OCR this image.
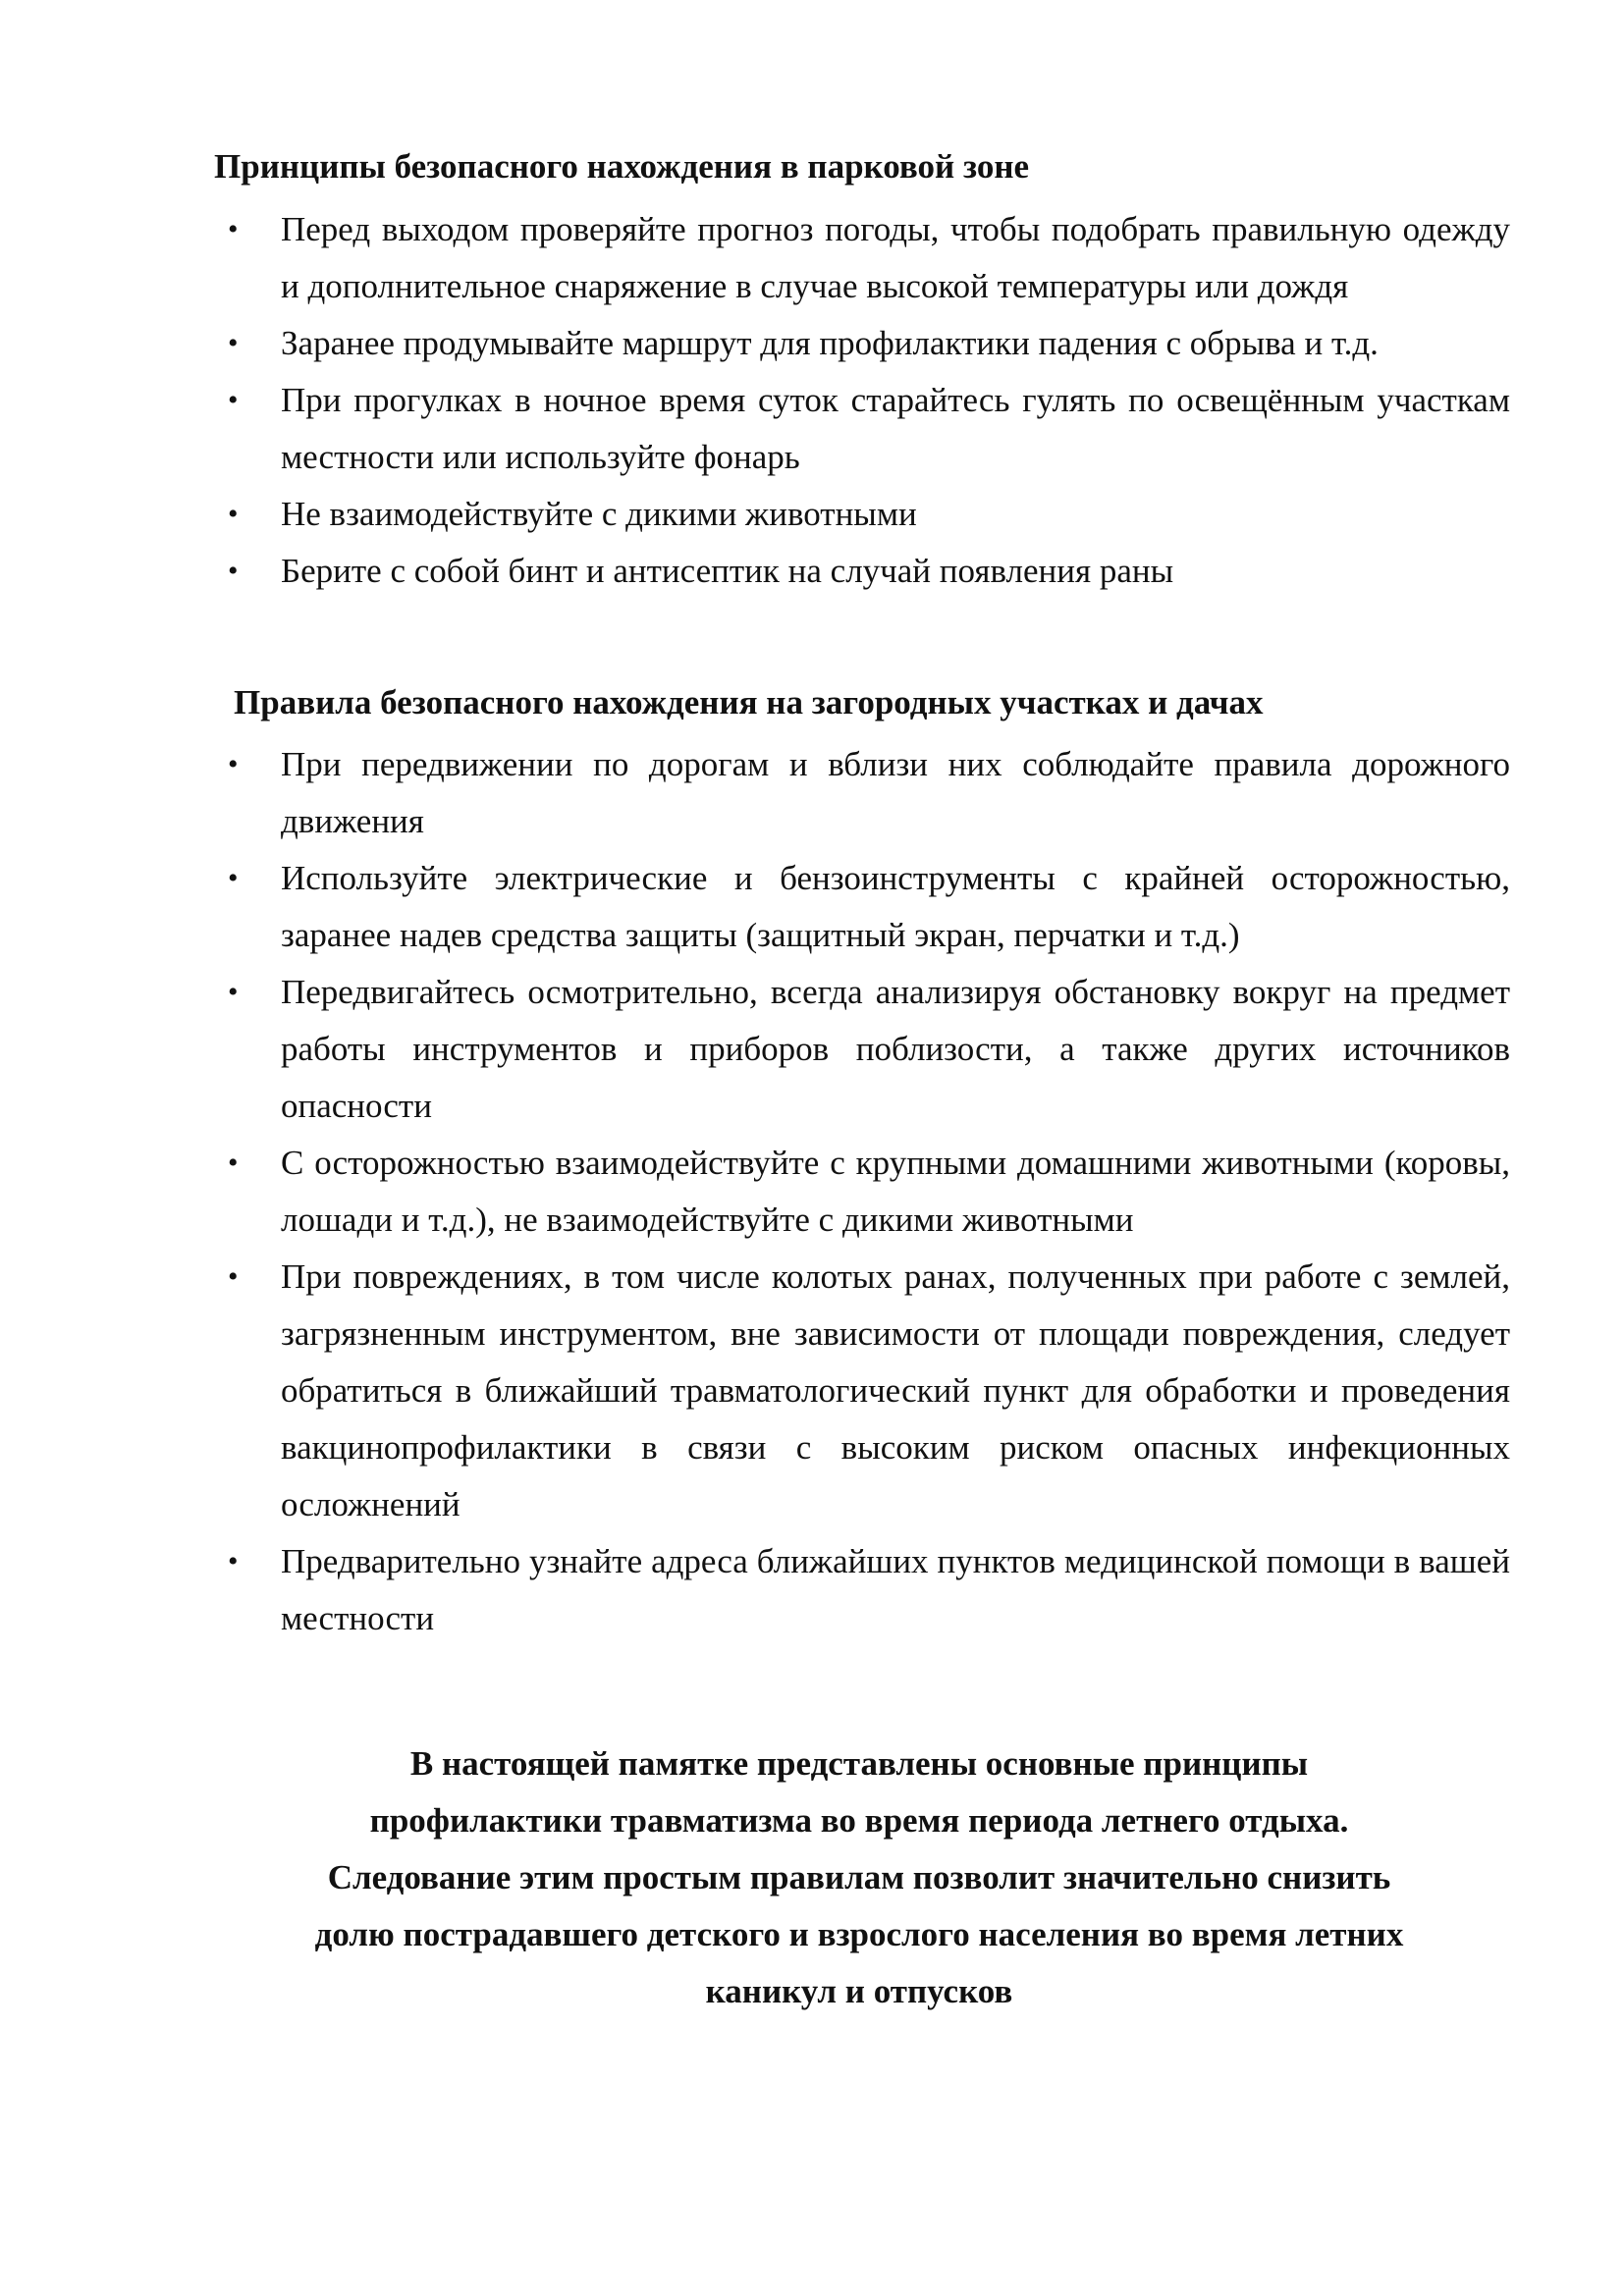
Принципы безопасного нахождения в парковой зоне
• Перед выходом проверяйте прогноз погоды, чтобы подобрать правильную одежду и дополнительное снаряжение в случае высокой температуры или дождя
• Заранее продумывайте маршрут для профилактики падения с обрыва и т.д.
• При прогулках в ночное время суток старайтесь гулять по освещённым участкам местности или используйте фонарь
• Не взаимодействуйте с дикими животными
• Берите с собой бинт и антисептик на случай появления раны
Правила безопасного нахождения на загородных участках и дачах
• При передвижении по дорогам и вблизи них соблюдайте правила дорожного движения
• Используйте электрические и бензоинструменты с крайней осторожностью, заранее надев средства защиты (защитный экран, перчатки и т.д.)
• Передвигайтесь осмотрительно, всегда анализируя обстановку вокруг на предмет работы инструментов и приборов поблизости, а также других источников опасности
• С осторожностью взаимодействуйте с крупными домашними животными (коровы, лошади и т.д.), не взаимодействуйте с дикими животными
• При повреждениях, в том числе колотых ранах, полученных при работе с землей, загрязненным инструментом, вне зависимости от площади повреждения, следует обратиться в ближайший травматологический пункт для обработки и проведения вакцинопрофилактики в связи с высоким риском опасных инфекционных осложнений
• Предварительно узнайте адреса ближайших пунктов медицинской помощи в вашей местности

В настоящей памятке представлены основные принципы
профилактики травматизма во время периода летнего отдыха.
Следование этим простым правилам позволит значительно снизить
долю пострадавшего детского и взрослого населения во время летних
каникул и отпусков
